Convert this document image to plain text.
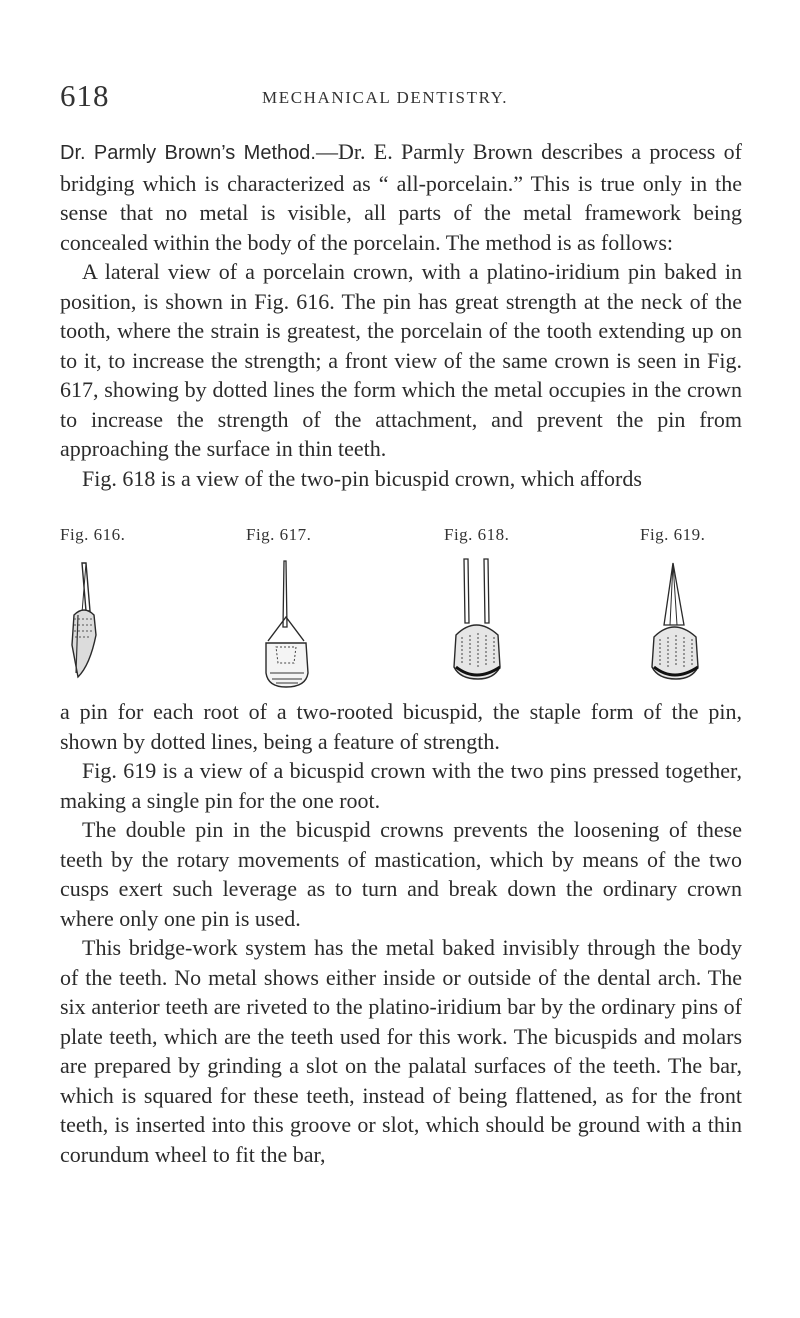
618	MECHANICAL DENTISTRY.

Dr. Parmly Brown’s Method.—Dr. E. Parmly Brown describes a process of bridging which is characterized as “ all-porcelain.” This is true only in the sense that no metal is visible, all parts of the metal framework being concealed within the body of the porcelain. The method is as follows:

A lateral view of a porcelain crown, with a platino-iridium pin baked in position, is shown in Fig. 616. The pin has great strength at the neck of the tooth, where the strain is greatest, the porcelain of the tooth extending up on to it, to increase the strength; a front view of the same crown is seen in Fig. 617, showing by dotted lines the form which the metal occupies in the crown to increase the strength of the attachment, and prevent the pin from approaching the surface in thin teeth.

Fig. 618 is a view of the two-pin bicuspid crown, which affords

Fig. 616.	Fig. 617.	Fig. 618.	Fig. 619.

a pin for each root of a two-rooted bicuspid, the staple form of the pin, shown by dotted lines, being a feature of strength.

Fig. 619 is a view of a bicuspid crown with the two pins pressed together, making a single pin for the one root.

The double pin in the bicuspid crowns prevents the loosening of these teeth by the rotary movements of mastication, which by means of the two cusps exert such leverage as to turn and break down the ordinary crown where only one pin is used.

This bridge-work system has the metal baked invisibly through the body of the teeth. No metal shows either inside or outside of the dental arch. The six anterior teeth are riveted to the platino-iridium bar by the ordinary pins of plate teeth, which are the teeth used for this work. The bicuspids and molars are prepared by grinding a slot on the palatal surfaces of the teeth. The bar, which is squared for these teeth, instead of being flattened, as for the front teeth, is inserted into this groove or slot, which should be ground with a thin corundum wheel to fit the bar,
